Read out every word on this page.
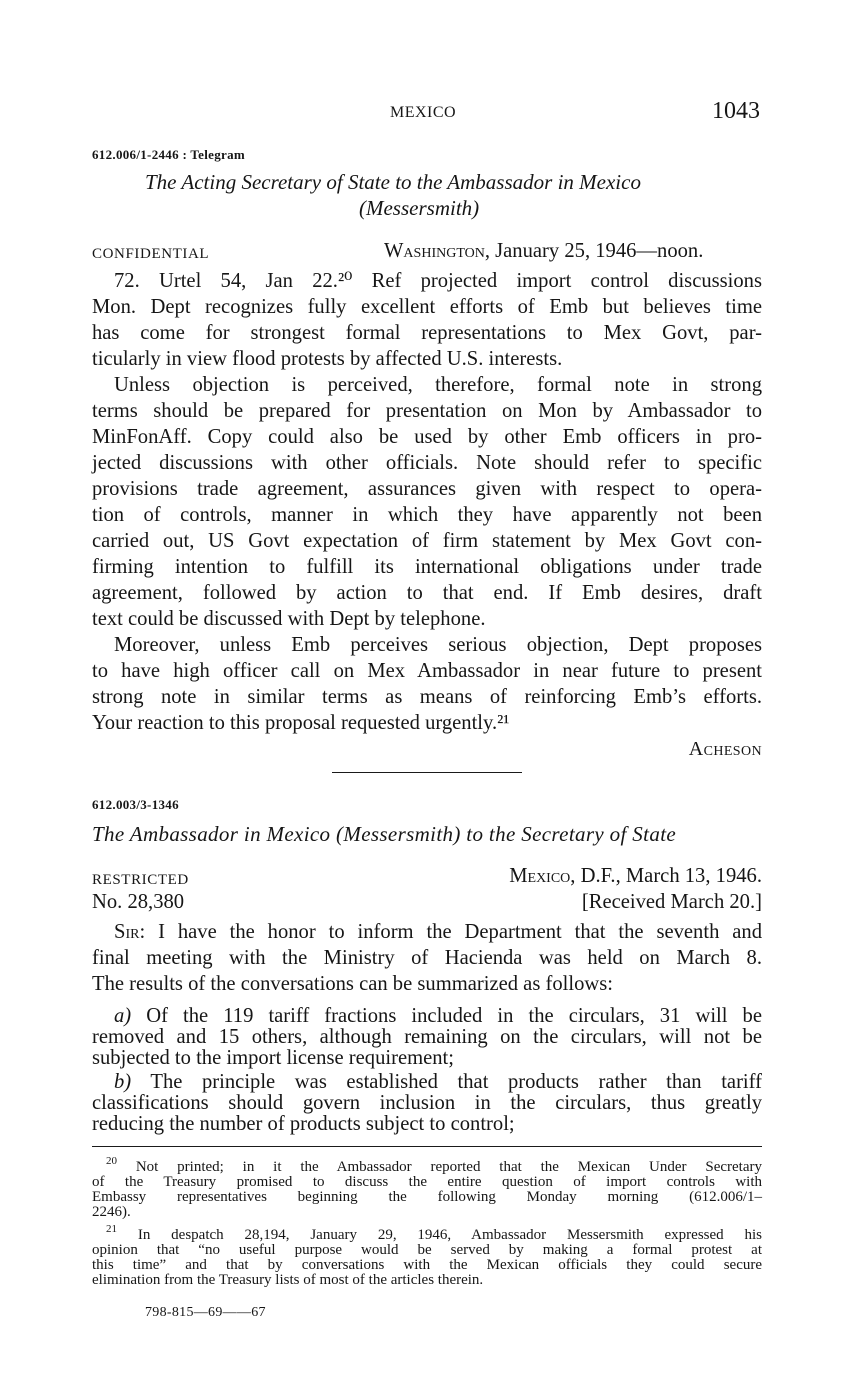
MEXICO	1043
612.006/1-2446 : Telegram
The Acting Secretary of State to the Ambassador in Mexico
(Messersmith)
CONFIDENTIAL	Washington, January 25, 1946—noon.
72. Urtel 54, Jan 22.²⁰ Ref projected import control discussions
Mon. Dept recognizes fully excellent efforts of Emb but believes time
has come for strongest formal representations to Mex Govt, par-
ticularly in view flood protests by affected U.S. interests.
Unless objection is perceived, therefore, formal note in strong
terms should be prepared for presentation on Mon by Ambassador to
MinFonAff. Copy could also be used by other Emb officers in pro-
jected discussions with other officials. Note should refer to specific
provisions trade agreement, assurances given with respect to opera-
tion of controls, manner in which they have apparently not been
carried out, US Govt expectation of firm statement by Mex Govt con-
firming intention to fulfill its international obligations under trade
agreement, followed by action to that end. If Emb desires, draft
text could be discussed with Dept by telephone.
Moreover, unless Emb perceives serious objection, Dept proposes
to have high officer call on Mex Ambassador in near future to present
strong note in similar terms as means of reinforcing Emb’s efforts.
Your reaction to this proposal requested urgently.²¹
Acheson
612.003/3-1346
The Ambassador in Mexico (Messersmith) to the Secretary of State
RESTRICTED	Mexico, D.F., March 13, 1946.
No. 28,380	[Received March 20.]
Sir: I have the honor to inform the Department that the seventh and
final meeting with the Ministry of Hacienda was held on March 8.
The results of the conversations can be summarized as follows:
a) Of the 119 tariff fractions included in the circulars, 31 will be
removed and 15 others, although remaining on the circulars, will not be
subjected to the import license requirement;
b) The principle was established that products rather than tariff
classifications should govern inclusion in the circulars, thus greatly
reducing the number of products subject to control;
$^{20}$ Not printed; in it the Ambassador reported that the Mexican Under Secretary
of the Treasury promised to discuss the entire question of import controls with
Embassy representatives beginning the following Monday morning (612.006/1–
2246).
$^{21}$ In despatch 28,194, January 29, 1946, Ambassador Messersmith expressed his
opinion that “no useful purpose would be served by making a formal protest at
this time” and that by conversations with the Mexican officials they could secure
elimination from the Treasury lists of most of the articles therein.
798-815—69——67
